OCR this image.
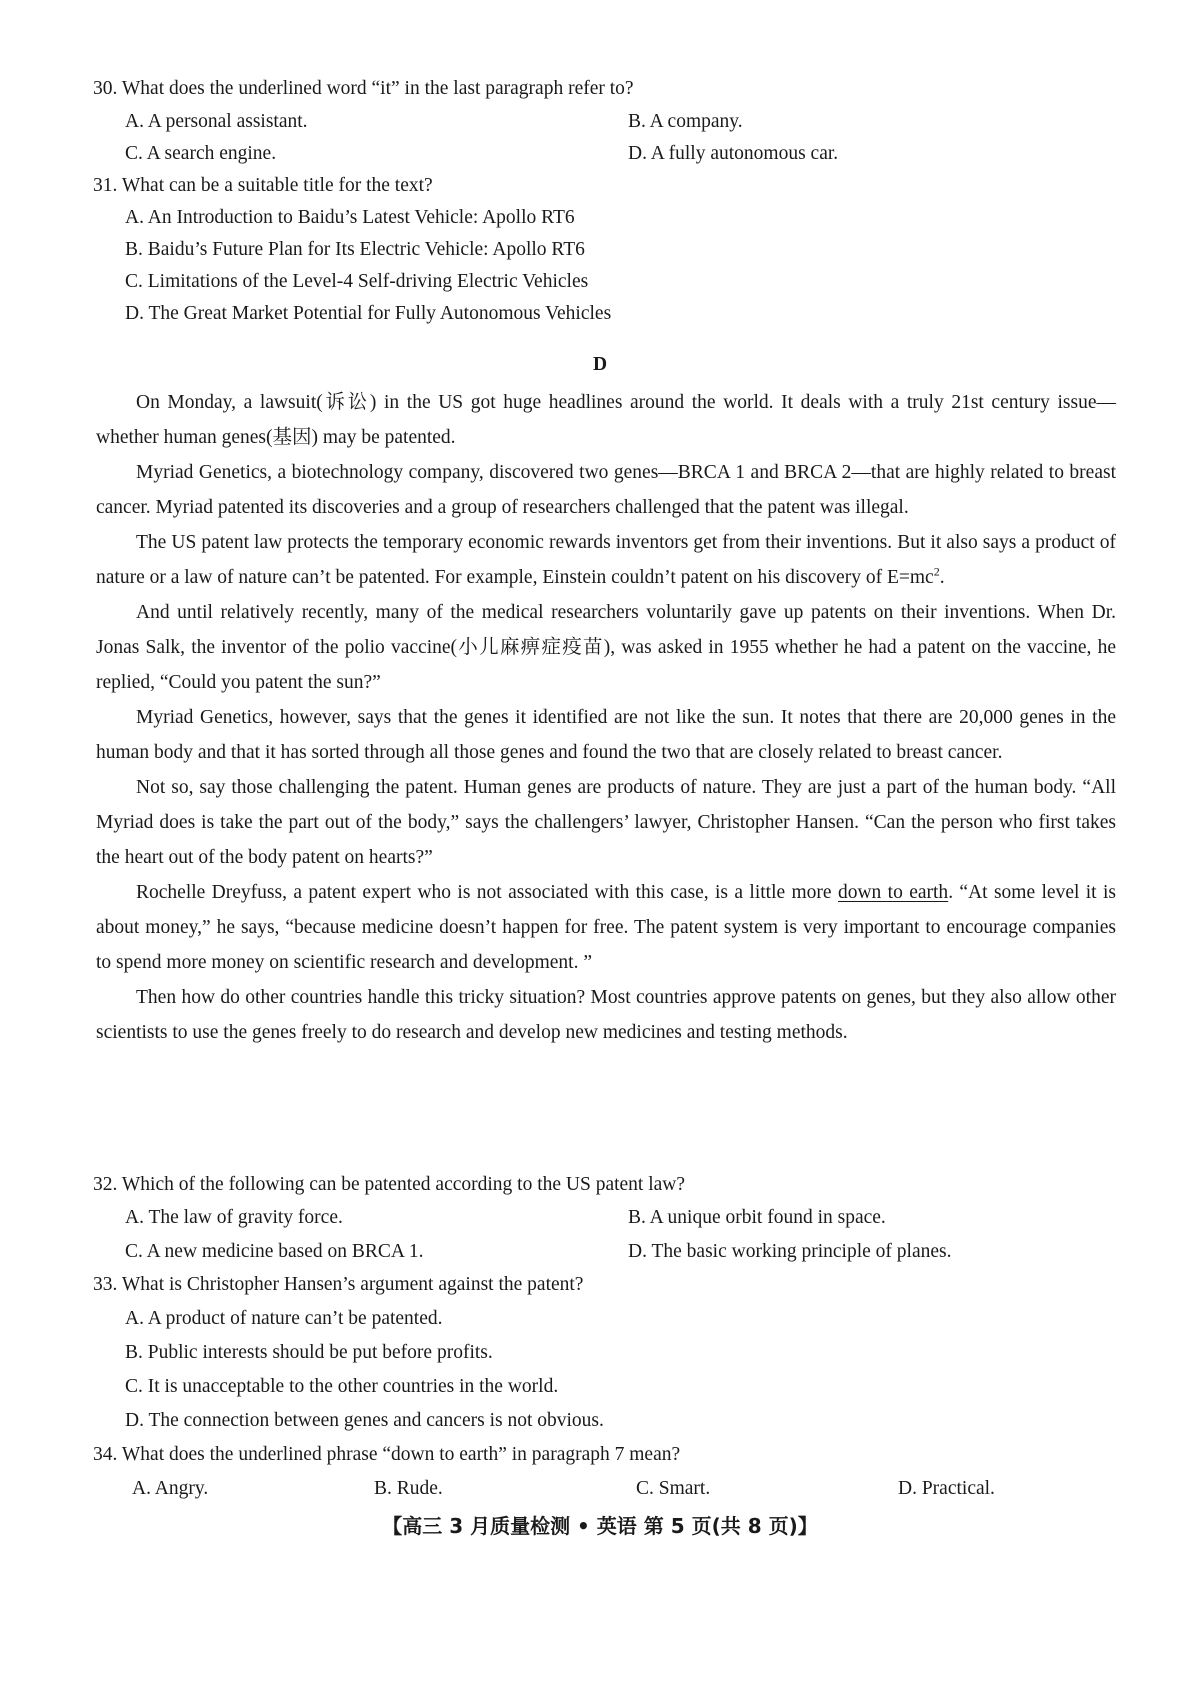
30. What does the underlined word “it” in the last paragraph refer to?
A. A personal assistant.	B. A company.
C. A search engine.	D. A fully autonomous car.
31. What can be a suitable title for the text?
A. An Introduction to Baidu’s Latest Vehicle: Apollo RT6
B. Baidu’s Future Plan for Its Electric Vehicle: Apollo RT6
C. Limitations of the Level-4 Self-driving Electric Vehicles
D. The Great Market Potential for Fully Autonomous Vehicles
D

On Monday, a lawsuit(诉讼) in the US got huge headlines around the world. It deals with a truly 21st century issue—whether human genes(基因) may be patented.

Myriad Genetics, a biotechnology company, discovered two genes—BRCA 1 and BRCA 2—that are highly related to breast cancer. Myriad patented its discoveries and a group of researchers challenged that the patent was illegal.

The US patent law protects the temporary economic rewards inventors get from their inventions. But it also says a product of nature or a law of nature can’t be patented. For example, Einstein couldn’t patent on his discovery of $E=mc^2$.

And until relatively recently, many of the medical researchers voluntarily gave up patents on their inventions. When Dr. Jonas Salk, the inventor of the polio vaccine(小儿麻痹症疫苗), was asked in 1955 whether he had a patent on the vaccine, he replied, “Could you patent the sun?”

Myriad Genetics, however, says that the genes it identified are not like the sun. It notes that there are 20,000 genes in the human body and that it has sorted through all those genes and found the two that are closely related to breast cancer.

Not so, say those challenging the patent. Human genes are products of nature. They are just a part of the human body. “All Myriad does is take the part out of the body,” says the challengers’ lawyer, Christopher Hansen. “Can the person who first takes the heart out of the body patent on hearts?”

Rochelle Dreyfuss, a patent expert who is not associated with this case, is a little more down to earth. “At some level it is about money,” he says, “because medicine doesn’t happen for free. The patent system is very important to encourage companies to spend more money on scientific research and development. ”

Then how do other countries handle this tricky situation? Most countries approve patents on genes, but they also allow other scientists to use the genes freely to do research and develop new medicines and testing methods.

32. Which of the following can be patented according to the US patent law?
A. The law of gravity force.	B. A unique orbit found in space.
C. A new medicine based on BRCA 1.	D. The basic working principle of planes.
33. What is Christopher Hansen’s argument against the patent?
A. A product of nature can’t be patented.
B. Public interests should be put before profits.
C. It is unacceptable to the other countries in the world.
D. The connection between genes and cancers is not obvious.
34. What does the underlined phrase “down to earth” in paragraph 7 mean?
A. Angry.	B. Rude.	C. Smart.	D. Practical.
【高三 3 月质量检测 • 英语 第 5 页(共 8 页)】
